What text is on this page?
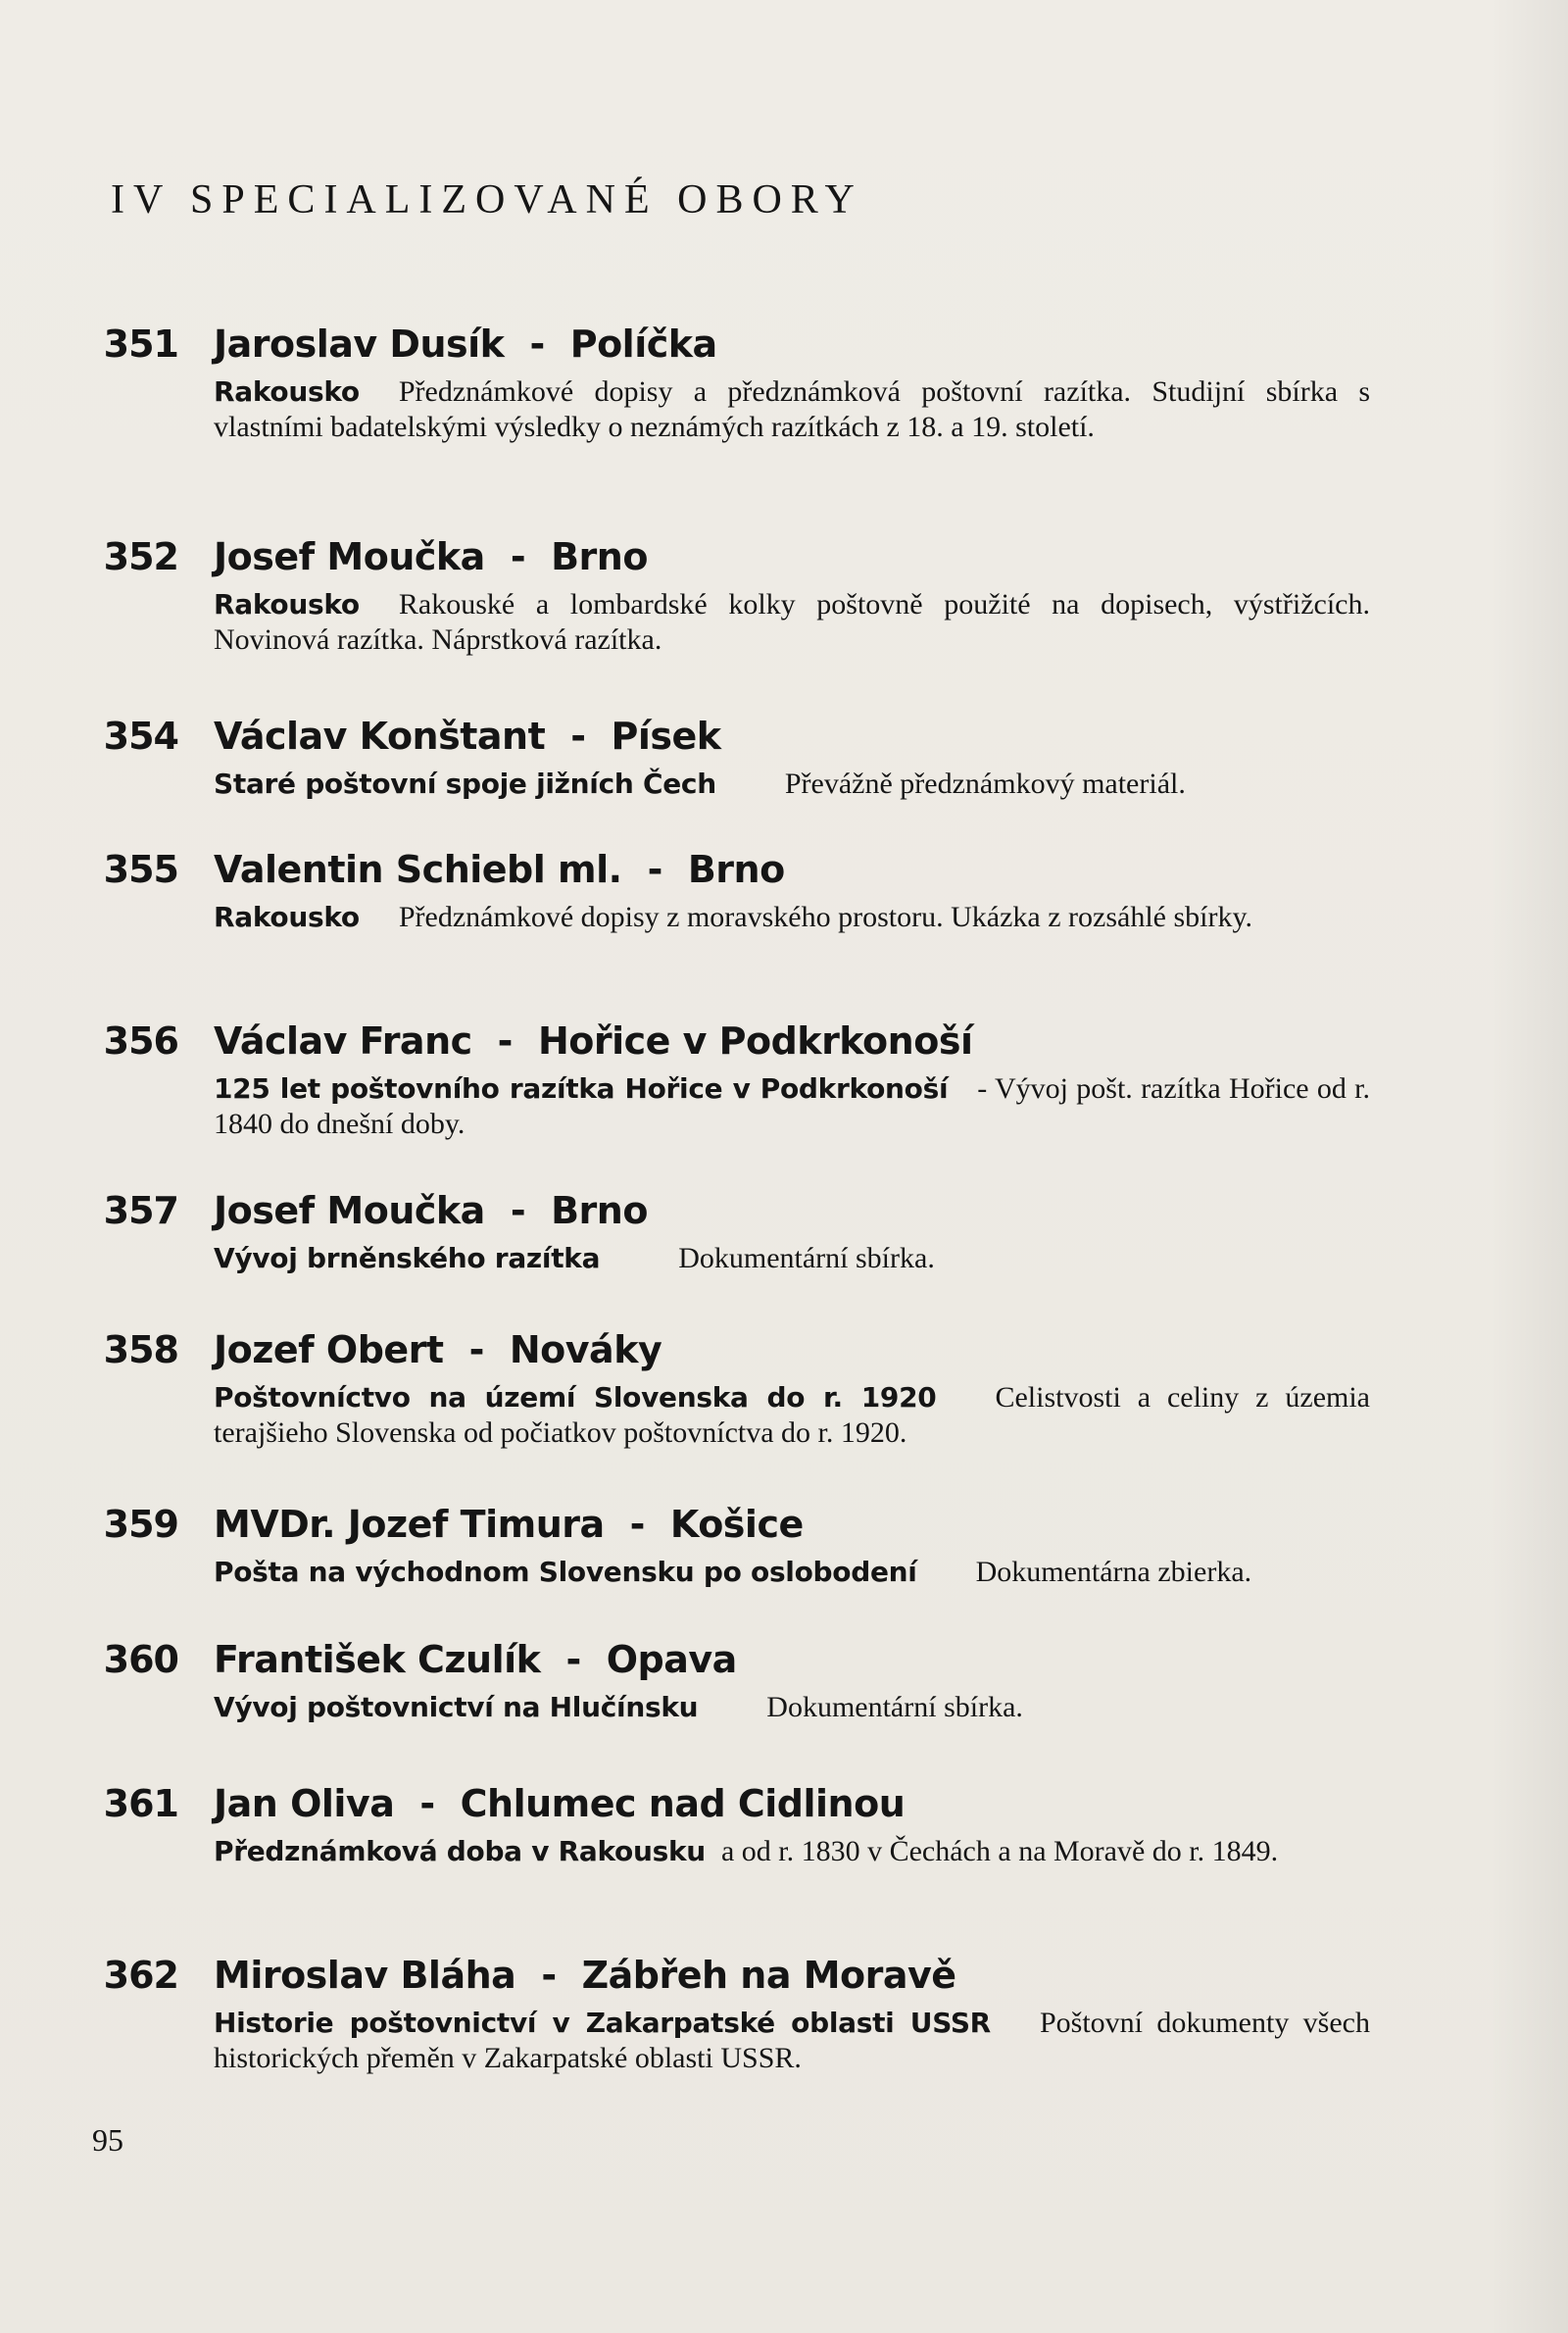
IV SPECIALIZOVANÉ OBORY
351 Jaroslav Dusík - Políčka
Rakousko Předznámkové dopisy a předznámková poštovní razítka. Studijní sbírka s vlastními badatelskými výsledky o neznámých razítkách z 18. a 19. století.
352 Josef Moučka - Brno
Rakousko Rakouské a lombardské kolky poštovně použité na dopisech, výstřižcích. Novinová razítka. Náprstková razítka.
354 Václav Konštant - Písek
Staré poštovní spoje jižních Čech Převážně předznámkový materiál.
355 Valentin Schiebl ml. - Brno
Rakousko Předznámkové dopisy z moravského prostoru. Ukázka z rozsáhlé sbírky.
356 Václav Franc - Hořice v Podkrkonoší
125 let poštovního razítka Hořice v Podkrkonoší - Vývoj pošt. razítka Hořice od r. 1840 do dnešní doby.
357 Josef Moučka - Brno
Vývoj brněnského razítka	Dokumentární sbírka.
358 Jozef Obert - Nováky
Poštovníctvo na území Slovenska do r. 1920 Celistvosti a celiny z územia terajšieho Slovenska od počiatkov poštovníctva do r. 1920.
359 MVDr. Jozef Timura - Košice
Pošta na východnom Slovensku po oslobodení Dokumentárna zbierka.
360 František Czulík - Opava
Vývoj poštovnictví na Hlučínsku Dokumentární sbírka.
361 Jan Oliva - Chlumec nad Cidlinou
Předznámková doba v Rakousku a od r. 1830 v Čechách a na Moravě do r. 1849.
362 Miroslav Bláha - Zábřeh na Moravě
Historie poštovnictví v Zakarpatské oblasti USSR Poštovní dokumenty všech historických přeměn v Zakarpatské oblasti USSR.
95
